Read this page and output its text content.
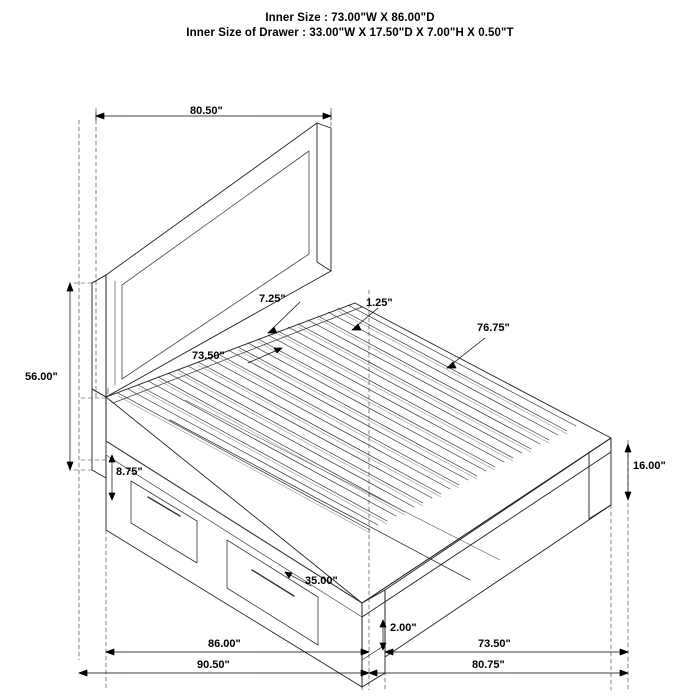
Inner Size : 73.00"W X 86.00"D
Inner Size of Drawer : 33.00"W X 17.50"D X 7.00"H X 0.50"T
80.50"
7.25"	1.25"
76.75"
73.50"
56.00"
8.75"	16.00"
35.00"
2.00"
86.00"	73.50"
90.50"	80.75"
